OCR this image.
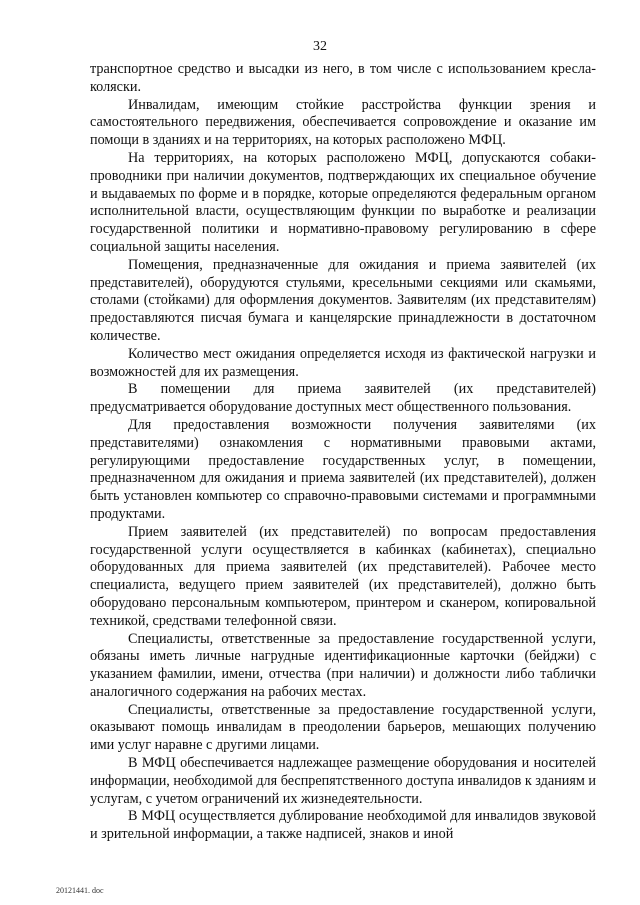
32

транспортное средство и высадки из него, в том числе с использованием кресла-коляски.

Инвалидам, имеющим стойкие расстройства функции зрения и самостоятельного передвижения, обеспечивается сопровождение и оказание им помощи в зданиях и на территориях, на которых расположено МФЦ.

На территориях, на которых расположено МФЦ, допускаются собаки-проводники при наличии документов, подтверждающих их специальное обучение и выдаваемых по форме и в порядке, которые определяются федеральным органом исполнительной власти, осуществляющим функции по выработке и реализации государственной политики и нормативно-правовому регулированию в сфере социальной защиты населения.

Помещения, предназначенные для ожидания и приема заявителей (их представителей), оборудуются стульями, кресельными секциями или скамьями, столами (стойками) для оформления документов. Заявителям (их представителям) предоставляются писчая бумага и канцелярские принадлежности в достаточном количестве.

Количество мест ожидания определяется исходя из фактической нагрузки и возможностей для их размещения.

В помещении для приема заявителей (их представителей) предусматривается оборудование доступных мест общественного пользования.

Для предоставления возможности получения заявителями (их представителями) ознакомления с нормативными правовыми актами, регулирующими предоставление государственных услуг, в помещении, предназначенном для ожидания и приема заявителей (их представителей), должен быть установлен компьютер со справочно-правовыми системами и программными продуктами.

Прием заявителей (их представителей) по вопросам предоставления государственной услуги осуществляется в кабинках (кабинетах), специально оборудованных для приема заявителей (их представителей). Рабочее место специалиста, ведущего прием заявителей (их представителей), должно быть оборудовано персональным компьютером, принтером и сканером, копировальной техникой, средствами телефонной связи.

Специалисты, ответственные за предоставление государственной услуги, обязаны иметь личные нагрудные идентификационные карточки (бейджи) с указанием фамилии, имени, отчества (при наличии) и должности либо таблички аналогичного содержания на рабочих местах.

Специалисты, ответственные за предоставление государственной услуги, оказывают помощь инвалидам в преодолении барьеров, мешающих получению ими услуг наравне с другими лицами.

В МФЦ обеспечивается надлежащее размещение оборудования и носителей информации, необходимой для беспрепятственного доступа инвалидов к зданиям и услугам, с учетом ограничений их жизнедеятельности.

В МФЦ осуществляется дублирование необходимой для инвалидов звуковой и зрительной информации, а также надписей, знаков и иной

20121441. doc
